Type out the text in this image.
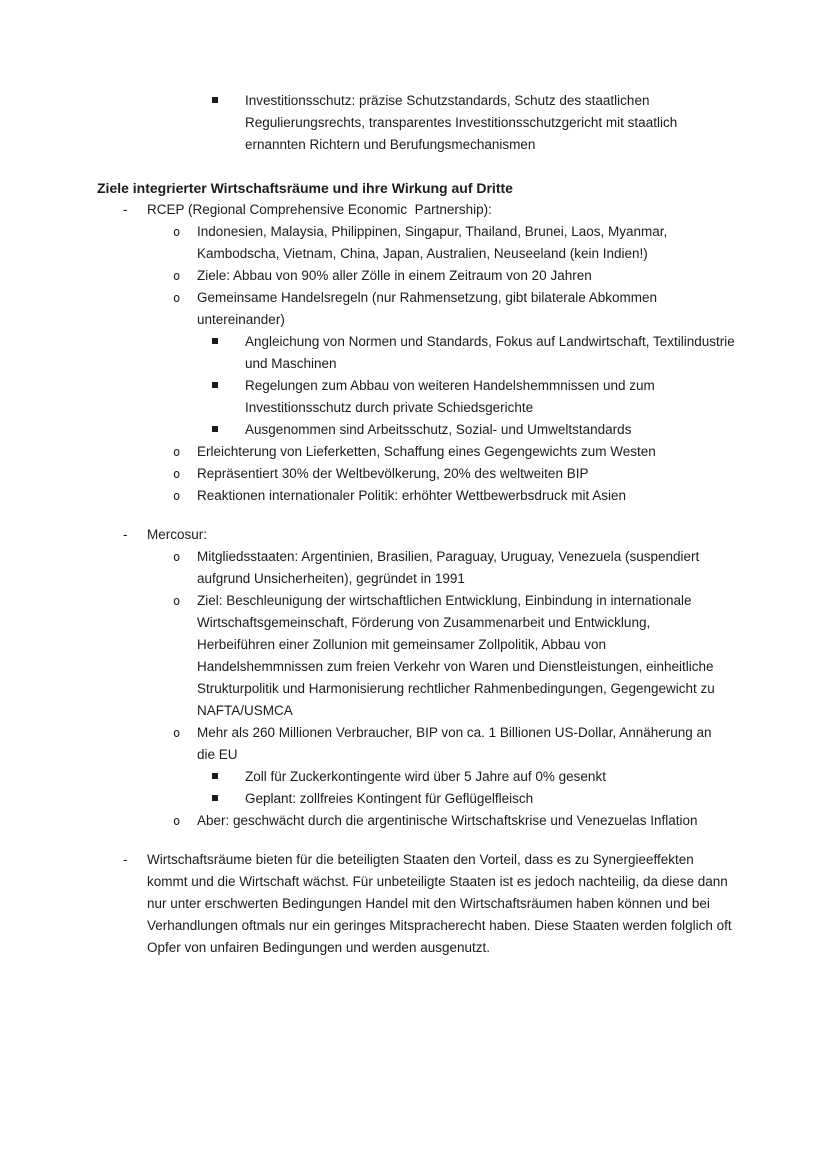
Investitionsschutz: präzise Schutzstandards, Schutz des staatlichen Regulierungsrechts, transparentes Investitionsschutzgericht mit staatlich ernannten Richtern und Berufungsmechanismen
Ziele integrierter Wirtschaftsräume und ihre Wirkung auf Dritte
-
RCEP (Regional Comprehensive Economic  Partnership):
o
Indonesien, Malaysia, Philippinen, Singapur, Thailand, Brunei, Laos, Myanmar, Kambodscha, Vietnam, China, Japan, Australien, Neuseeland (kein Indien!)
o
Ziele: Abbau von 90% aller Zölle in einem Zeitraum von 20 Jahren
o
Gemeinsame Handelsregeln (nur Rahmensetzung, gibt bilaterale Abkommen untereinander)
Angleichung von Normen und Standards, Fokus auf Landwirtschaft, Textilindustrie und Maschinen
Regelungen zum Abbau von weiteren Handelshemmnissen und zum Investitionsschutz durch private Schiedsgerichte
Ausgenommen sind Arbeitsschutz, Sozial- und Umweltstandards
o
Erleichterung von Lieferketten, Schaffung eines Gegengewichts zum Westen
o
Repräsentiert 30% der Weltbevölkerung, 20% des weltweiten BIP
o
Reaktionen internationaler Politik: erhöhter Wettbewerbsdruck mit Asien
-
Mercosur:
o
Mitgliedsstaaten: Argentinien, Brasilien, Paraguay, Uruguay, Venezuela (suspendiert aufgrund Unsicherheiten), gegründet in 1991
o
Ziel: Beschleunigung der wirtschaftlichen Entwicklung, Einbindung in internationale Wirtschaftsgemeinschaft, Förderung von Zusammenarbeit und Entwicklung, Herbeiführen einer Zollunion mit gemeinsamer Zollpolitik, Abbau von Handelshemmnissen zum freien Verkehr von Waren und Dienstleistungen, einheitliche Strukturpolitik und Harmonisierung rechtlicher Rahmenbedingungen, Gegengewicht zu NAFTA/USMCA
o
Mehr als 260 Millionen Verbraucher, BIP von ca. 1 Billionen US-Dollar, Annäherung an die EU
Zoll für Zuckerkontingente wird über 5 Jahre auf 0% gesenkt
Geplant: zollfreies Kontingent für Geflügelfleisch
o
Aber: geschwächt durch die argentinische Wirtschaftskrise und Venezuelas Inflation
-
Wirtschaftsräume bieten für die beteiligten Staaten den Vorteil, dass es zu Synergieeffekten kommt und die Wirtschaft wächst. Für unbeteiligte Staaten ist es jedoch nachteilig, da diese dann nur unter erschwerten Bedingungen Handel mit den Wirtschaftsräumen haben können und bei Verhandlungen oftmals nur ein geringes Mitspracherecht haben. Diese Staaten werden folglich oft Opfer von unfairen Bedingungen und werden ausgenutzt.
